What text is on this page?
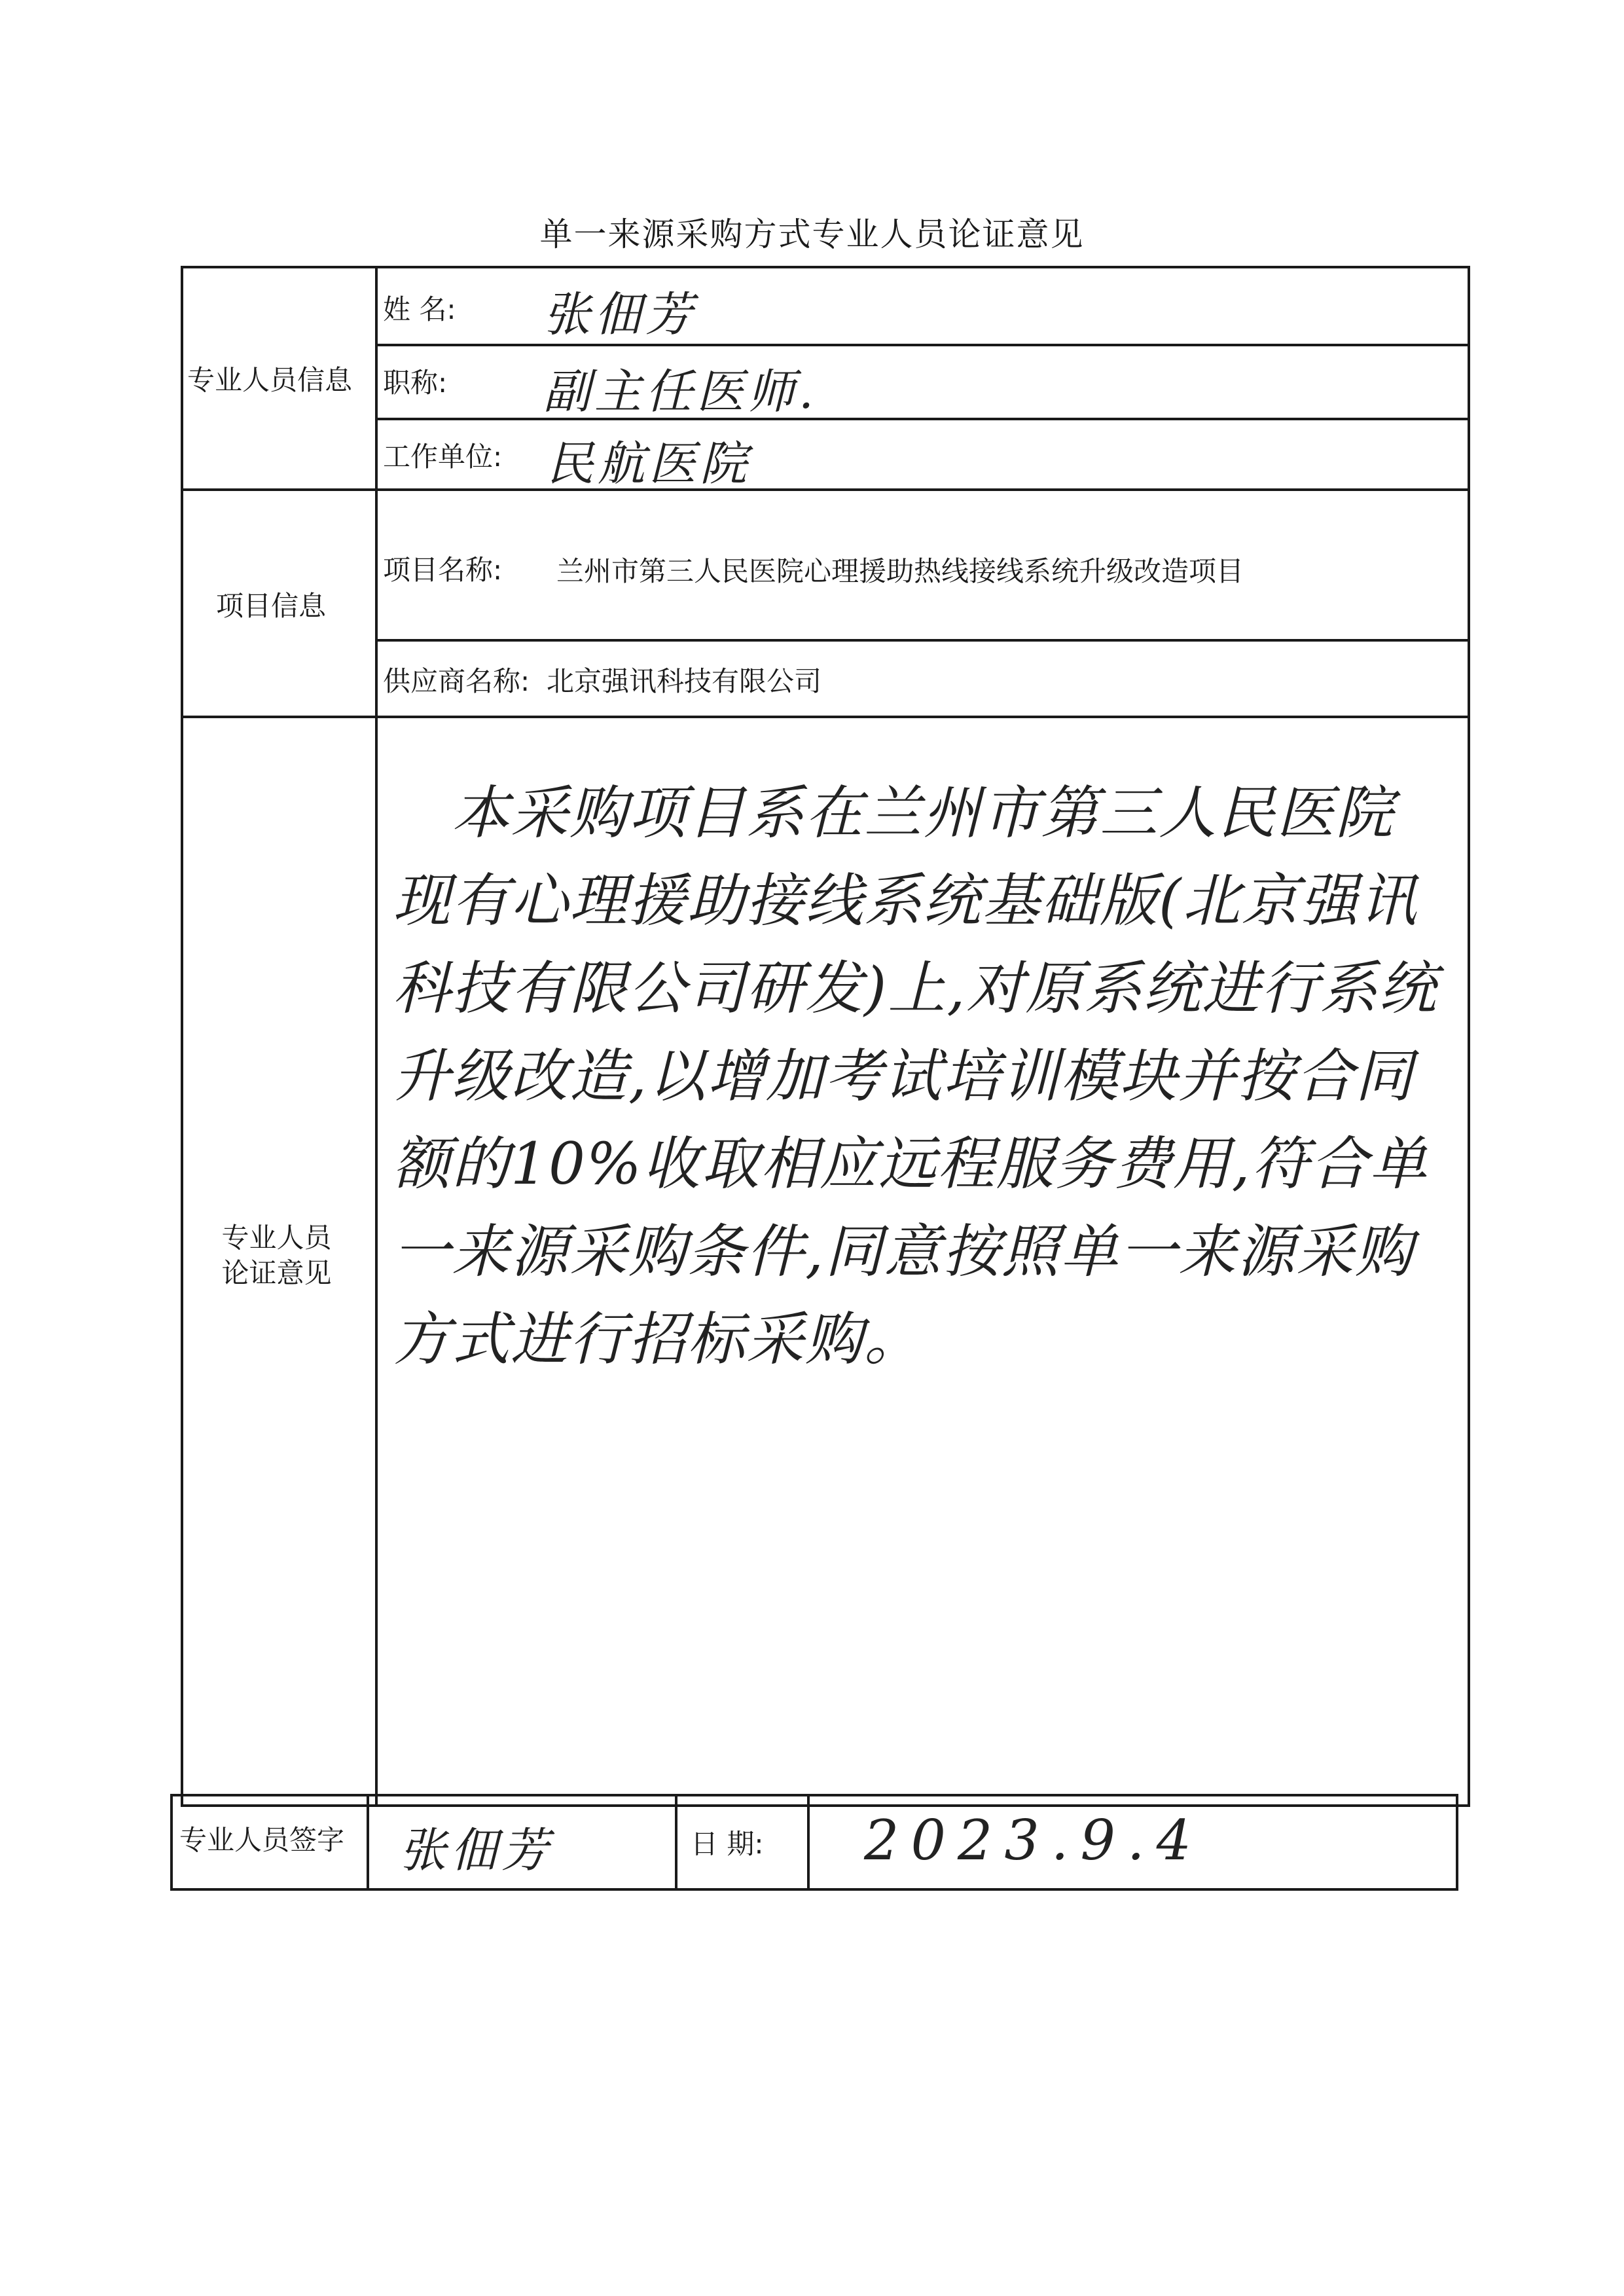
单一来源采购方式专业人员论证意见
专业人员信息
姓 名: 张佃芳
职称: 副主任医师.
工作单位: 民航医院
项目信息
项目名称: 兰州市第三人民医院心理援助热线接线系统升级改造项目
供应商名称: 北京强讯科技有限公司
专业人员
论证意见
本采购项目系在兰州市第三人民医院现有心理援助接线系统基础版(北京强讯科技有限公司研发)上,对原系统进行系统升级改造,以增加考试培训模块并按合同额的10%收取相应远程服务费用,符合单一来源采购条件,同意按照单一来源采购方式进行招标采购。
专业人员签字 张佃芳	日 期: 2023.9.4
